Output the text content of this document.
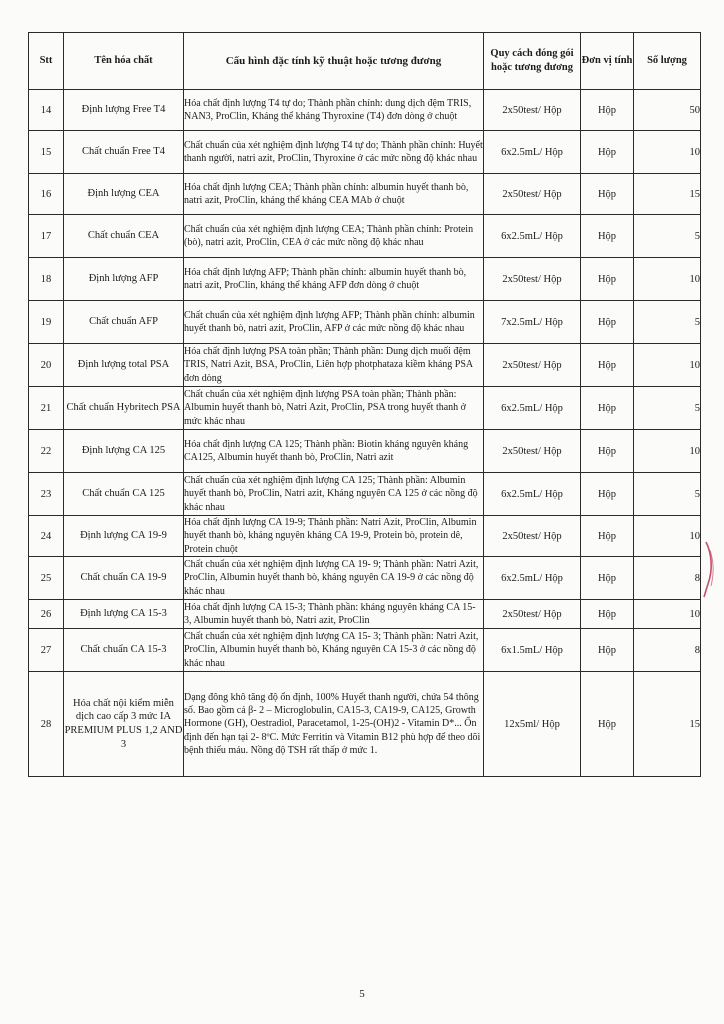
Stt	Tên hóa chất	Cấu hình đặc tính kỹ thuật hoặc tương đương	Quy cách đóng gói hoặc tương đương	Đơn vị tính	Số lượng
14	Định lượng Free T4	Hóa chất định lượng T4 tự do; Thành phần chính: dung dịch đệm TRIS, NAN3, ProClin, Kháng thể kháng Thyroxine (T4) đơn dòng ở chuột	2x50test/ Hộp	Hộp	50
15	Chất chuẩn Free T4	Chất chuẩn của xét nghiệm định lượng T4 tự do; Thành phần chính: Huyết thanh người, natri azit, ProClin, Thyroxine ở các mức nồng độ khác nhau	6x2.5mL/ Hộp	Hộp	10
16	Định lượng CEA	Hóa chất định lượng CEA; Thành phần chính: albumin huyết thanh bò, natri azit, ProClin, kháng thể kháng CEA MAb ở chuột	2x50test/ Hộp	Hộp	15
17	Chất chuẩn CEA	Chất chuẩn của xét nghiệm định lượng CEA; Thành phần chính: Protein (bò), natri azit, ProClin, CEA ở các mức nồng độ khác nhau	6x2.5mL/ Hộp	Hộp	5
18	Định lượng AFP	Hóa chất định lượng AFP; Thành phần chính: albumin huyết thanh bò, natri azit, ProClin, kháng thể kháng AFP đơn dòng ở chuột	2x50test/ Hộp	Hộp	10
19	Chất chuẩn AFP	Chất chuẩn của xét nghiệm định lượng AFP; Thành phần chính: albumin huyết thanh bò, natri azit, ProClin, AFP ở các mức nồng độ khác nhau	7x2.5mL/ Hộp	Hộp	5
20	Định lượng total PSA	Hóa chất định lượng PSA toàn phần; Thành phần: Dung dịch muối đệm TRIS, Natri Azit, BSA, ProClin, Liên hợp photphataza kiềm kháng PSA đơn dòng	2x50test/ Hộp	Hộp	10
21	Chất chuẩn Hybritech PSA	Chất chuẩn của xét nghiệm định lượng PSA toàn phần; Thành phần: Albumin huyết thanh bò, Natri Azit, ProClin, PSA trong huyết thanh ở mức khác nhau	6x2.5mL/ Hộp	Hộp	5
22	Định lượng CA 125	Hóa chất định lượng CA 125; Thành phần: Biotin kháng nguyên kháng CA125, Albumin huyết thanh bò, ProClin, Natri azit	2x50test/ Hộp	Hộp	10
23	Chất chuẩn CA 125	Chất chuẩn của xét nghiệm định lượng CA 125; Thành phần: Albumin huyết thanh bò, ProClin, Natri azit, Kháng nguyên CA 125 ở các nồng độ khác nhau	6x2.5mL/ Hộp	Hộp	5
24	Định lượng CA 19-9	Hóa chất định lượng CA 19-9; Thành phần: Natri Azit, ProClin, Albumin huyết thanh bò, kháng nguyên kháng CA 19-9, Protein bò, protein dê, Protein chuột	2x50test/ Hộp	Hộp	10
25	Chất chuẩn CA 19-9	Chất chuẩn của xét nghiệm định lượng CA 19- 9; Thành phần: Natri Azit, ProClin, Albumin huyết thanh bò, kháng nguyên CA 19-9 ở các nồng độ khác nhau	6x2.5mL/ Hộp	Hộp	8
26	Định lượng CA 15-3	Hóa chất định lượng CA 15-3; Thành phần: kháng nguyên kháng CA 15-3, Albumin huyết thanh bò, Natri azit, ProClin	2x50test/ Hộp	Hộp	10
27	Chất chuẩn CA 15-3	Chất chuẩn của xét nghiệm định lượng CA 15- 3; Thành phần: Natri Azit, ProClin, Albumin huyết thanh bò, Kháng nguyên CA 15-3 ở các nồng độ khác nhau	6x1.5mL/ Hộp	Hộp	8
28	Hóa chất nội kiểm miễn dịch cao cấp 3 mức IA PREMIUM PLUS 1,2 AND 3	Dạng đông khô tăng độ ổn định, 100% Huyết thanh người, chứa 54 thông số. Bao gồm cả β- 2 – Microglobulin, CA15-3, CA19-9, CA125, Growth Hormone (GH), Oestradiol, Paracetamol, 1-25-(OH)2 - Vitamin D*... Ổn định đến hạn tại 2- 8ºC. Mức Ferritin và Vitamin B12 phù hợp để theo dõi bệnh thiếu máu. Nồng độ TSH rất thấp ở mức 1.	12x5ml/ Hộp	Hộp	15
5
